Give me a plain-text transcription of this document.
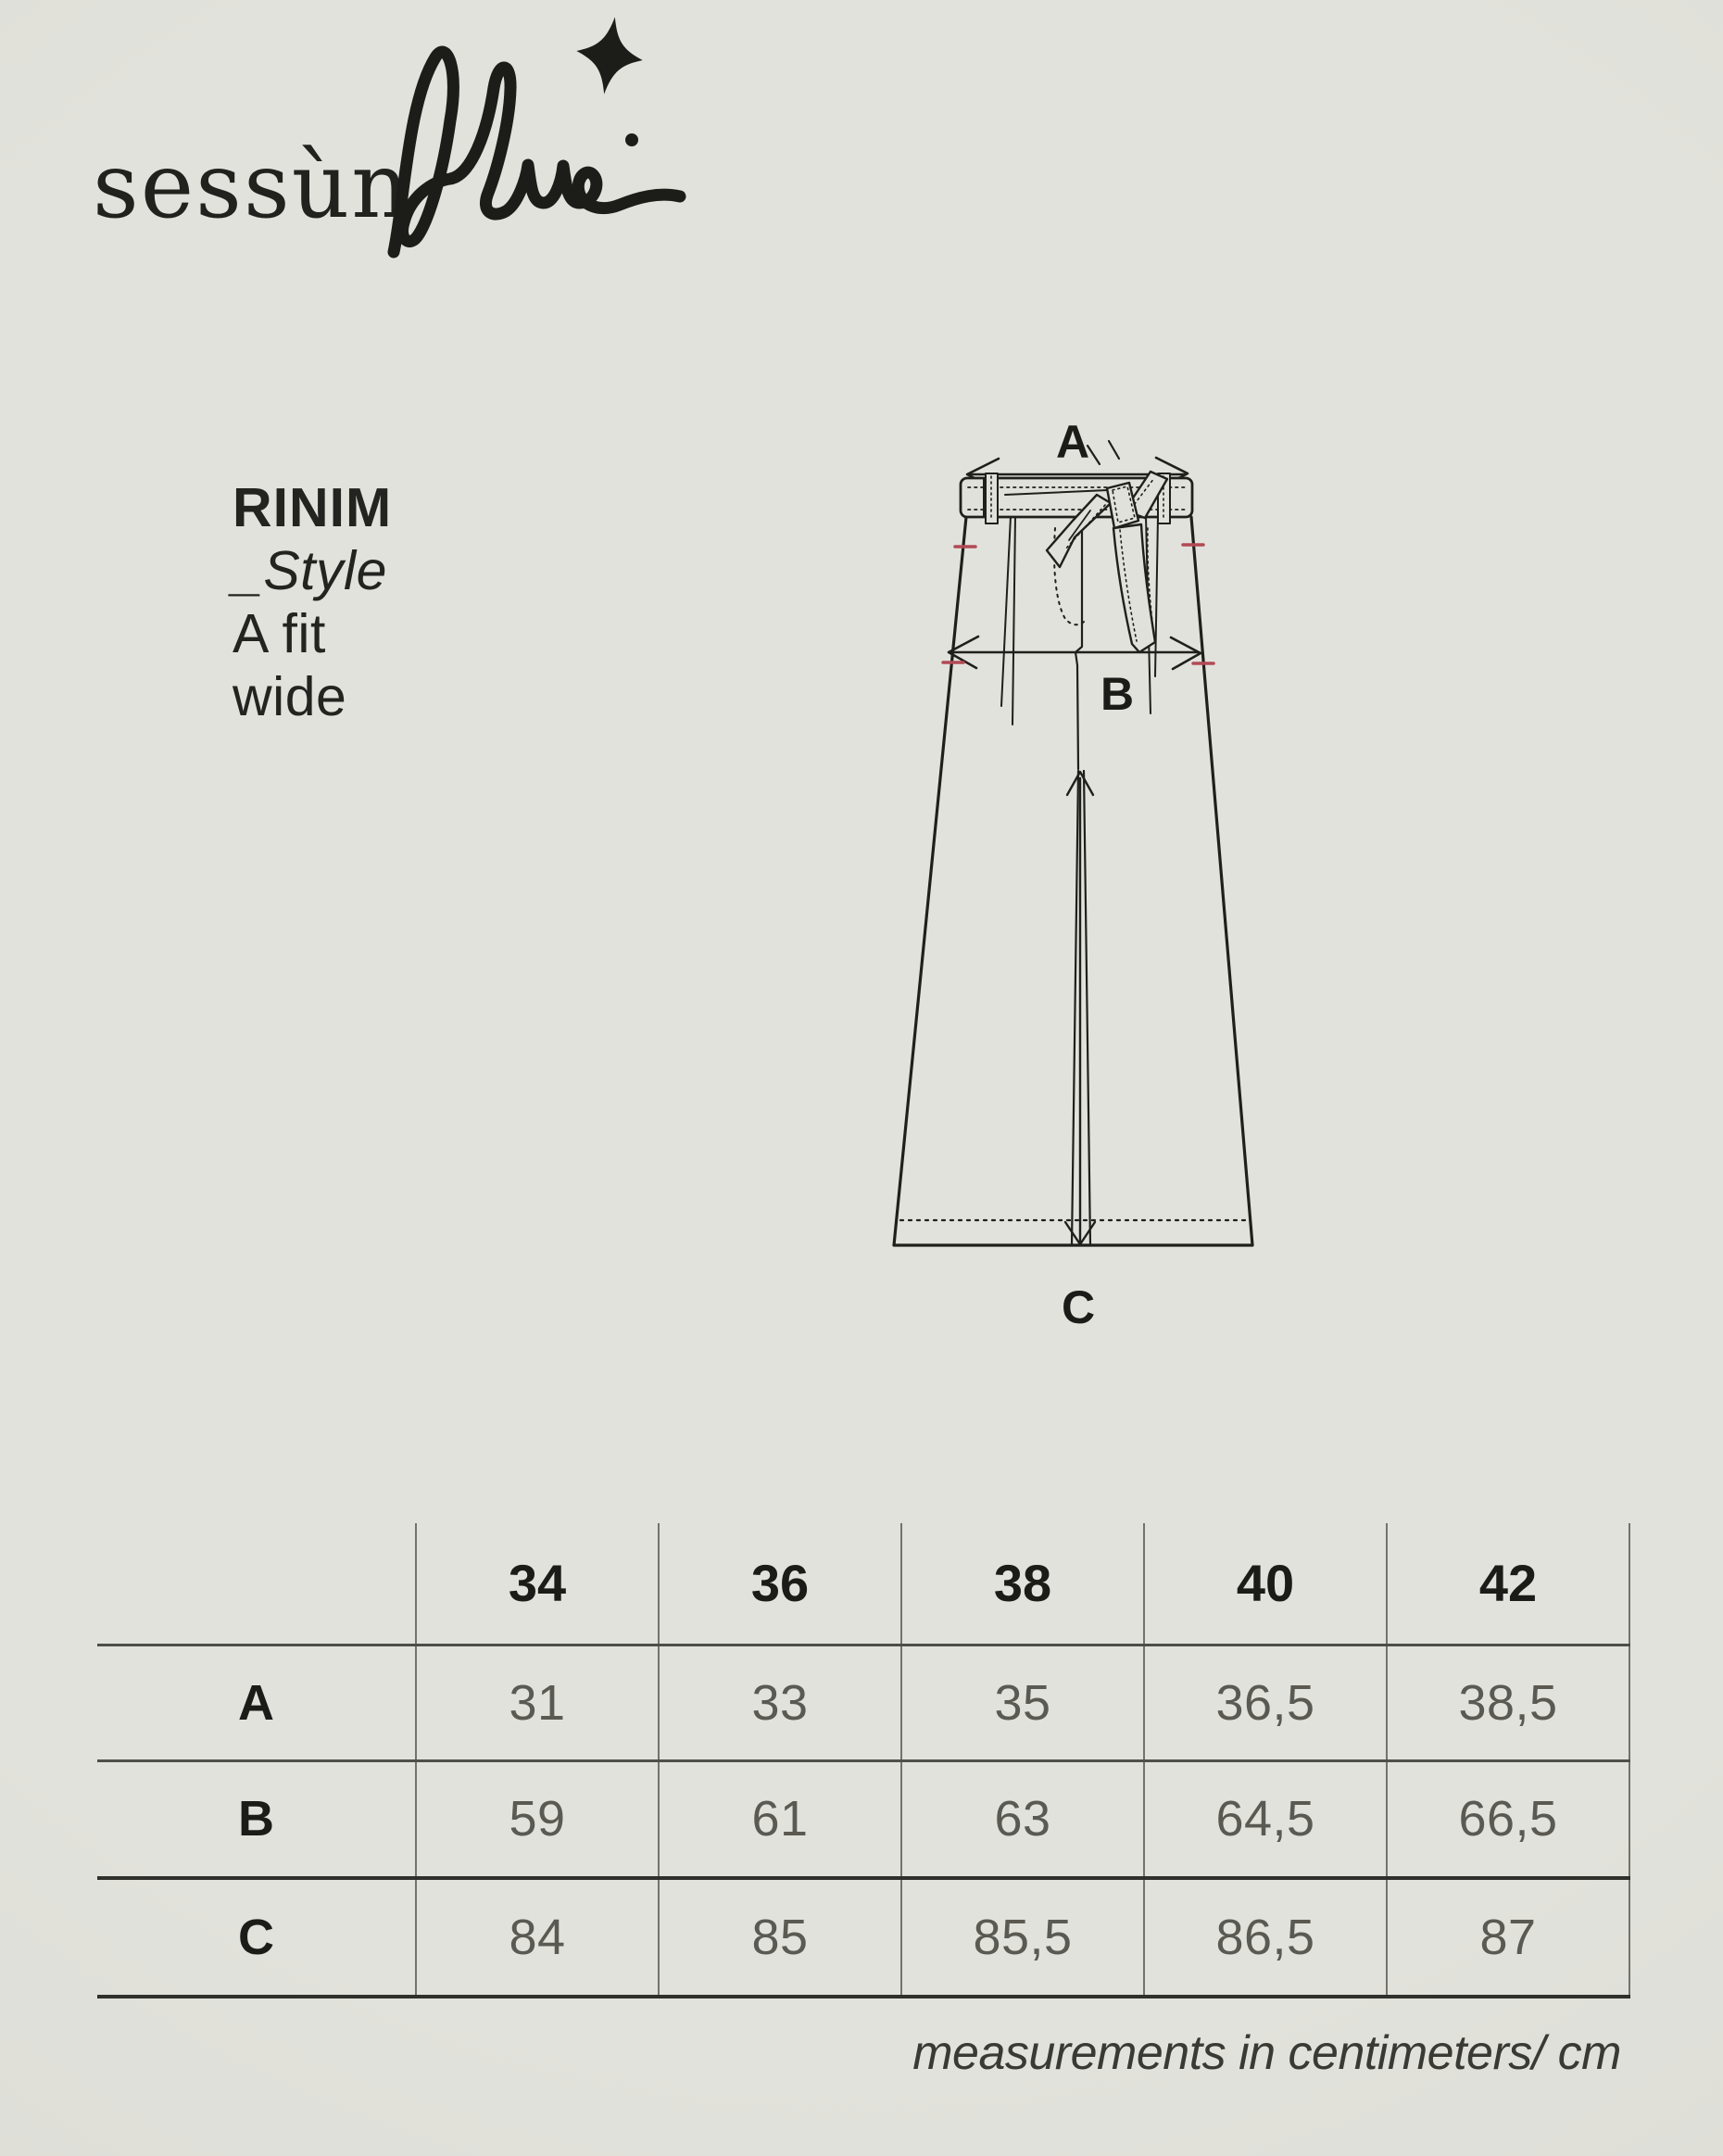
sessùn
RINIM
_Style
A fit
wide
A
B
C
	34	36	38	40	42
A	31	33	35	36,5	38,5
B	59	61	63	64,5	66,5
C	84	85	85,5	86,5	87
measurements in centimeters/ cm
